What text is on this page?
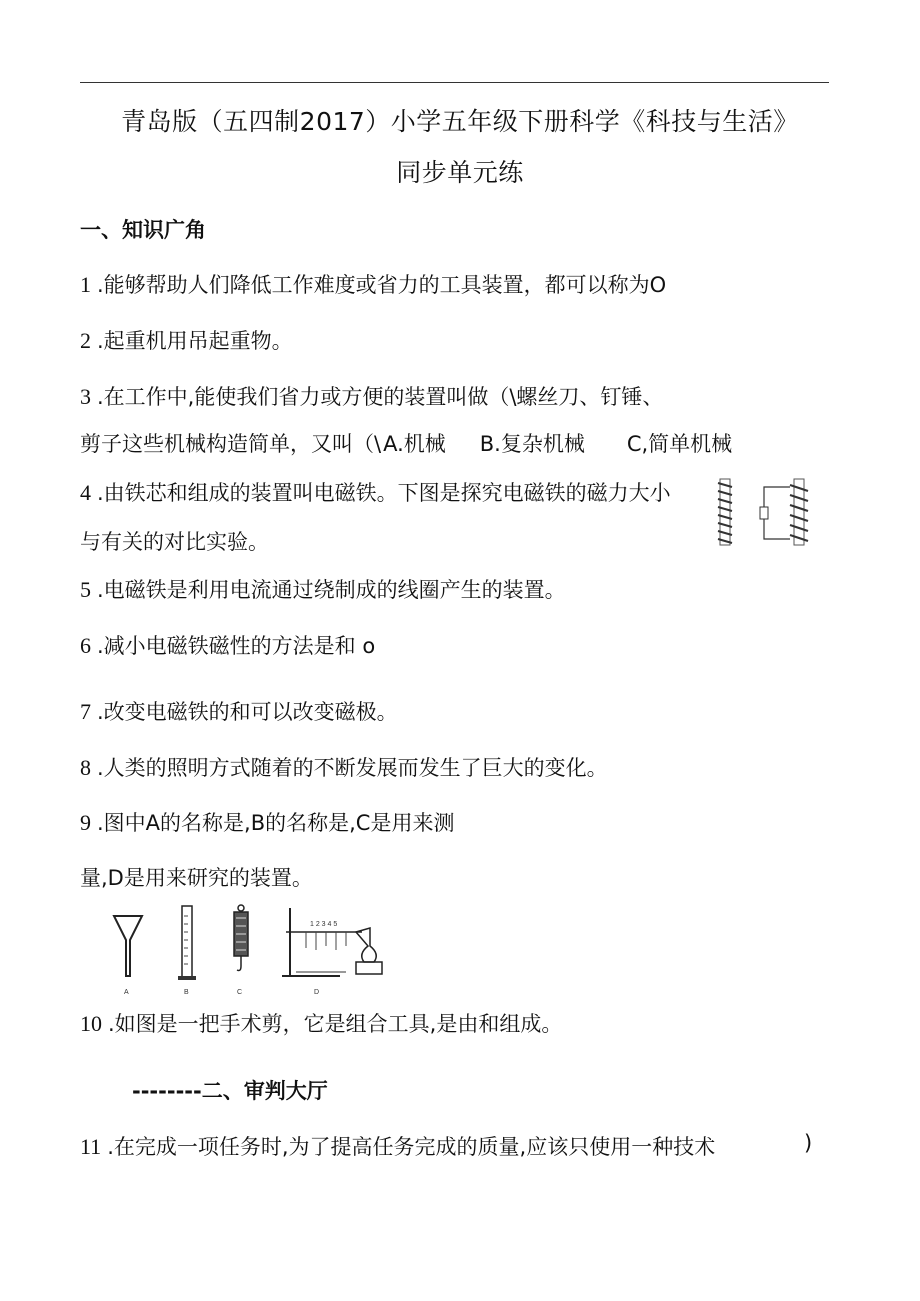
青岛版（五四制2017）小学五年级下册科学《科技与生活》
同步单元练
一、知识广角
1 .能够帮助人们降低工作难度或省力的工具装置，都可以称为O
2 .起重机用吊起重物。
3 .在工作中,能使我们省力或方便的装置叫做（\螺丝刀、钉锤、
剪子这些机械构造简单，又叫（\A.机械 B.复杂机械 C,简单机械
4 .由铁芯和组成的装置叫电磁铁。下图是探究电磁铁的磁力大小
与有关的对比实验。
5 .电磁铁是利用电流通过绕制成的线圈产生的装置。
6 .减小电磁铁磁性的方法是和 o
7 .改变电磁铁的和可以改变磁极。
8 .人类的照明方式随着的不断发展而发生了巨大的变化。
9 .图中A的名称是,B的名称是,C是用来测
量,D是用来研究的装置。
A	B	C
1 2 3 4 5
D
10 .如图是一把手术剪，它是组合工具,是由和组成。
--------二、审判大厅
11 .在完成一项任务时,为了提高任务完成的质量,应该只使用一种技术	)
